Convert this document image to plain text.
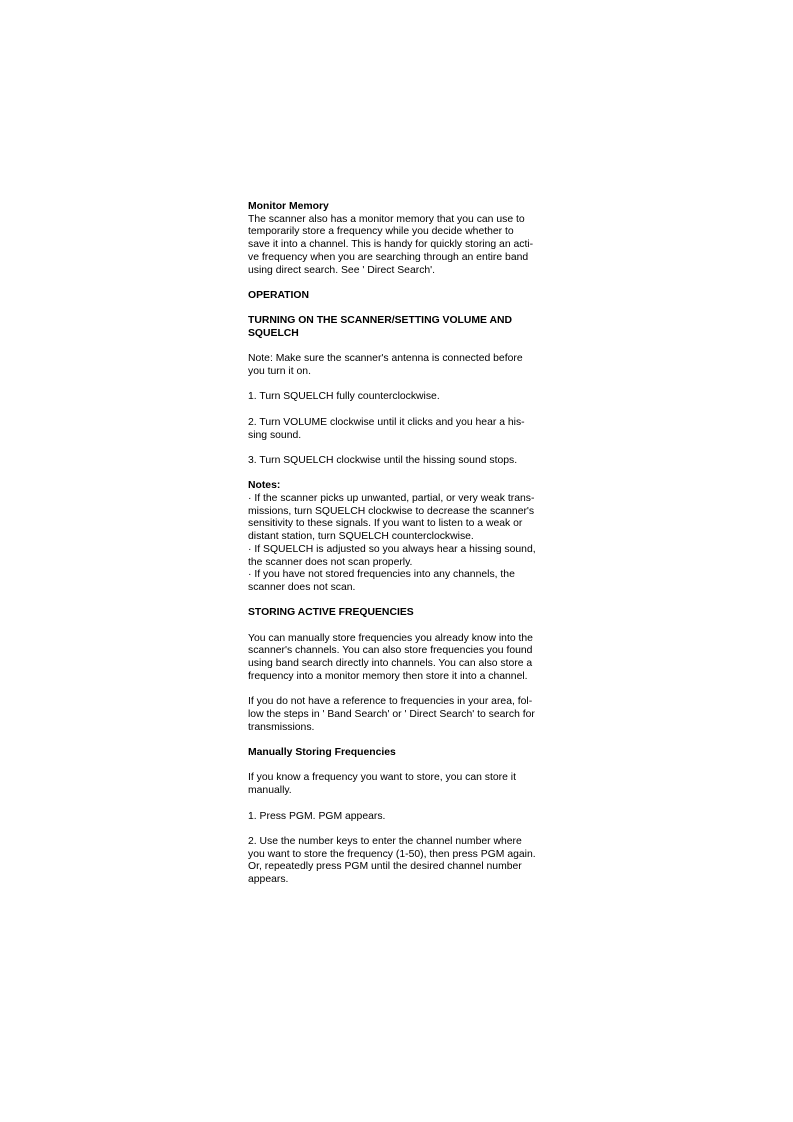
Monitor Memory
The scanner also has a monitor memory that you can use to
temporarily store a frequency while you decide whether to
save it into a channel. This is handy for quickly storing an acti-
ve frequency when you are searching through an entire band
using direct search. See ' Direct Search'.
OPERATION
TURNING ON THE SCANNER/SETTING VOLUME AND
SQUELCH
Note: Make sure the scanner's antenna is connected before
you turn it on.
1. Turn SQUELCH fully counterclockwise.
2. Turn VOLUME clockwise until it clicks and you hear a his-
sing sound.
3. Turn SQUELCH clockwise until the hissing sound stops.
Notes:
· If the scanner picks up unwanted, partial, or very weak trans-
missions, turn SQUELCH clockwise to decrease the scanner's
sensitivity to these signals. If you want to listen to a weak or
distant station, turn SQUELCH counterclockwise.
· If SQUELCH is adjusted so you always hear a hissing sound,
the scanner does not scan properly.
· If you have not stored frequencies into any channels, the
scanner does not scan.
STORING ACTIVE FREQUENCIES
You can manually store frequencies you already know into the
scanner's channels. You can also store frequencies you found
using band search directly into channels. You can also store a
frequency into a monitor memory then store it into a channel.
If you do not have a reference to frequencies in your area, fol-
low the steps in ' Band Search' or ' Direct Search' to search for
transmissions.
Manually Storing Frequencies
If you know a frequency you want to store, you can store it
manually.
1. Press PGM. PGM appears.
2. Use the number keys to enter the channel number where
you want to store the frequency (1-50), then press PGM again.
Or, repeatedly press PGM until the desired channel number
appears.
